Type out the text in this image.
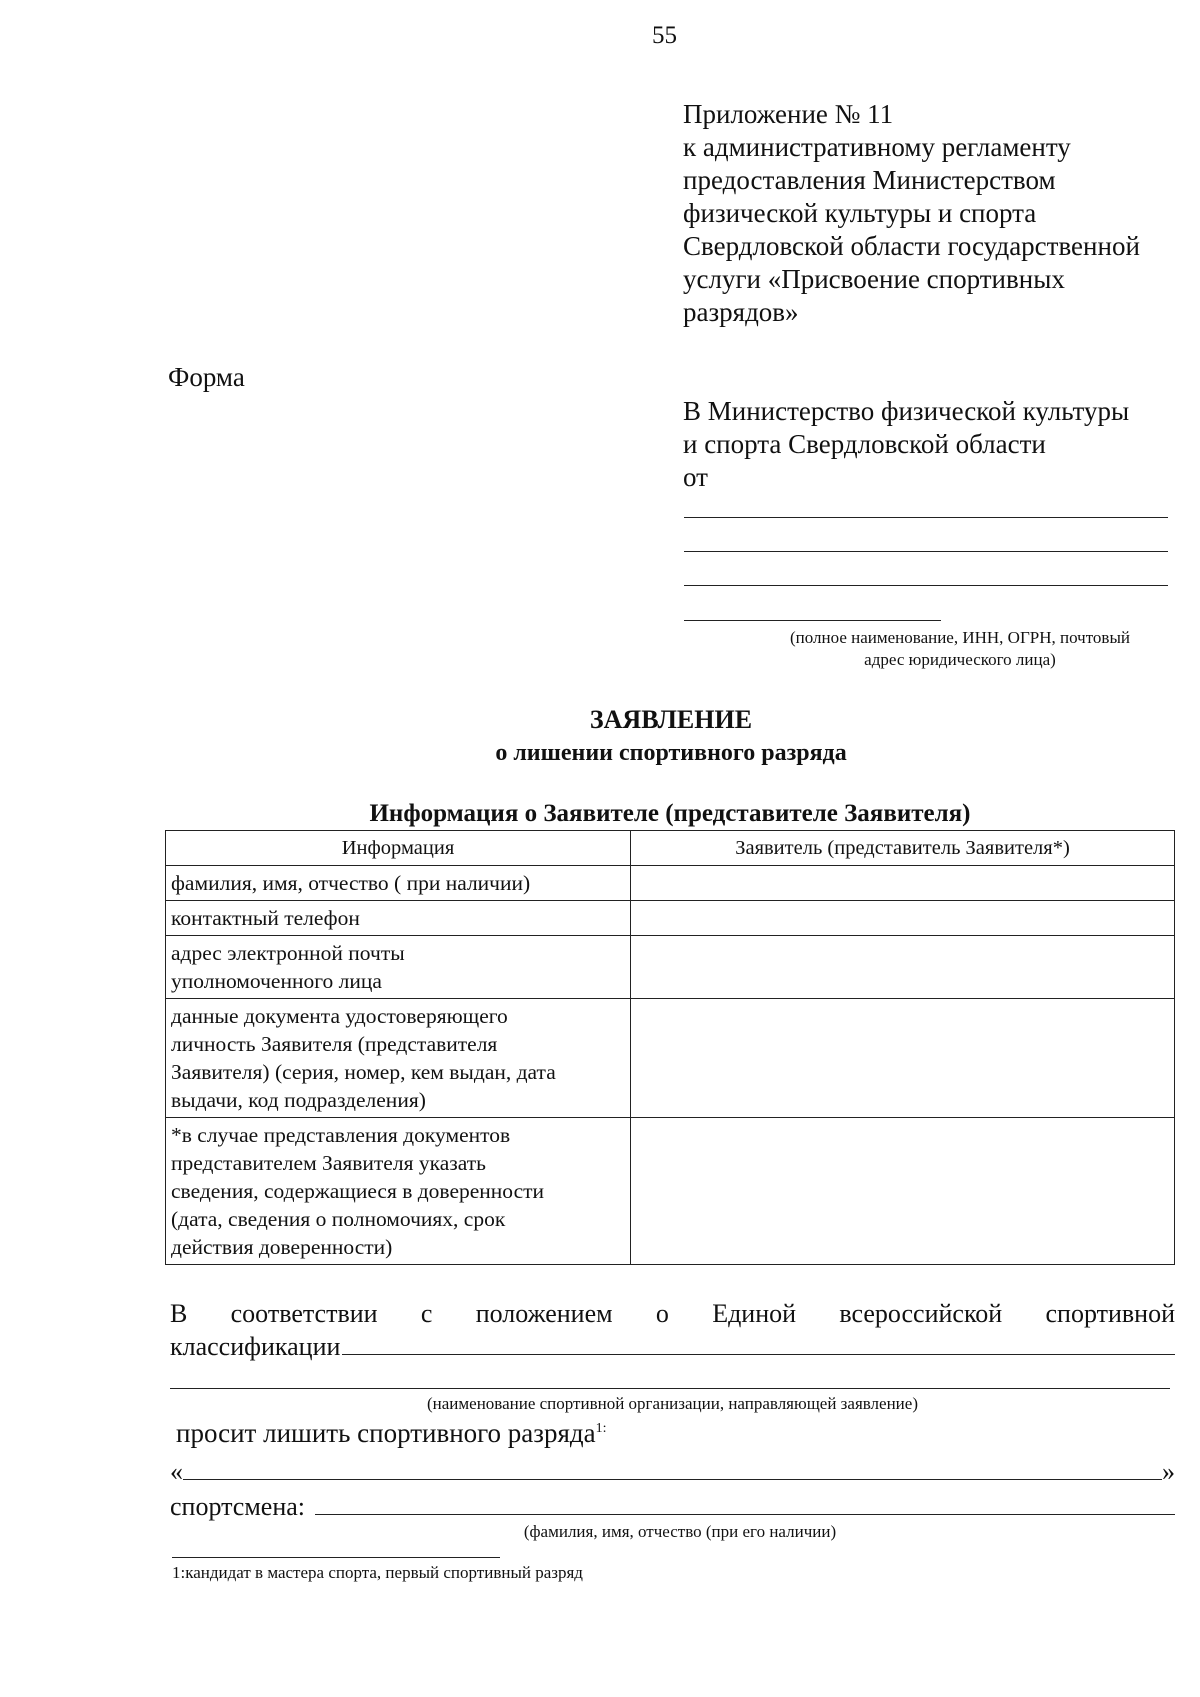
55
Приложение № 11
к административному регламенту
предоставления Министерством
физической культуры и спорта
Свердловской области государственной
услуги «Присвоение спортивных
разрядов»
Форма
В Министерство физической культуры
и спорта Свердловской области
от
(полное наименование, ИНН, ОГРН, почтовый
адрес юридического лица)
ЗАЯВЛЕНИЕ
о лишении спортивного разряда
Информация о Заявителе (представителе Заявителя)
Информация	Заявитель (представитель Заявителя*)

фамилия, имя, отчество ( при наличии)	

контактный телефон	

адрес электронной почты
уполномоченного лица	

данные документа удостоверяющего
личность Заявителя (представителя
Заявителя) (серия, номер, кем выдан, дата
выдачи, код подразделения)	

*в случае представления документов
представителем Заявителя указать
сведения, содержащиеся в доверенности
(дата, сведения о полномочиях, срок
действия доверенности)	

В соответствии с положением о Единой всероссийской спортивной
классификации
(наименование спортивной организации, направляющей заявление)
просит лишить спортивного разряда$^{1:}$
«	»
спортсмена:
(фамилия, имя, отчество (при его наличии)
1:кандидат в мастера спорта, первый спортивный разряд
